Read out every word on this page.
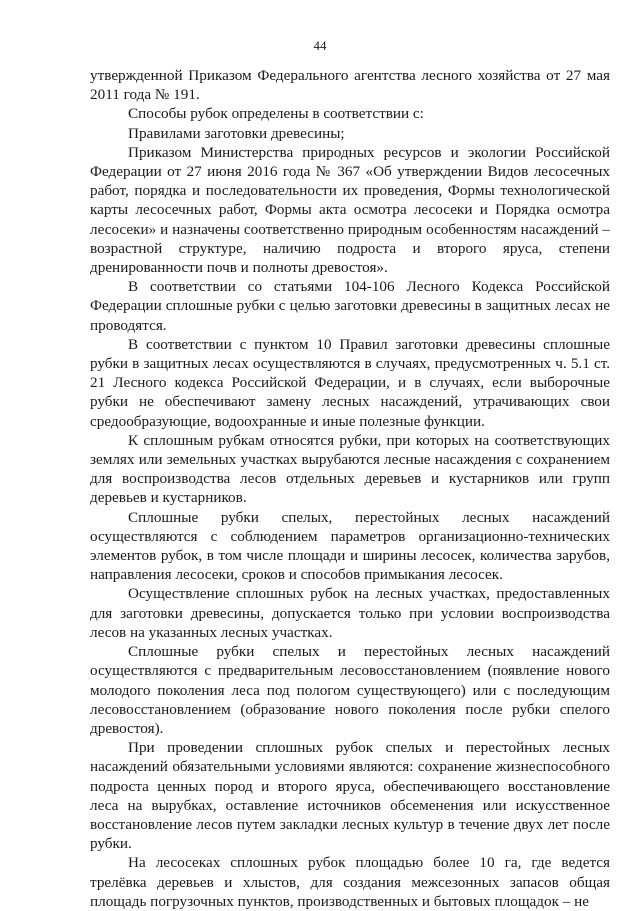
44

утвержденной Приказом Федерального агентства лесного хозяйства от 27 мая 2011 года № 191.

Способы рубок определены в соответствии с:

Правилами заготовки древесины;

Приказом Министерства природных ресурсов и экологии Российской Федерации от 27 июня 2016 года № 367 «Об утверждении Видов лесосечных работ, порядка и последовательности их проведения, Формы технологической карты лесосечных работ, Формы акта осмотра лесосеки и Порядка осмотра лесосеки» и назначены соответственно природным особенностям насаждений – возрастной структуре, наличию подроста и второго яруса, степени дренированности почв и полноты древостоя».

В соответствии со статьями 104-106 Лесного Кодекса Российской Федерации сплошные рубки с целью заготовки древесины в защитных лесах не проводятся.

В соответствии с пунктом 10 Правил заготовки древесины сплошные рубки в защитных лесах осуществляются в случаях, предусмотренных ч. 5.1 ст. 21 Лесного кодекса Российской Федерации, и в случаях, если выборочные рубки не обеспечивают замену лесных насаждений, утрачивающих свои средообразующие, водоохранные и иные полезные функции.

К сплошным рубкам относятся рубки, при которых на соответствующих землях или земельных участках вырубаются лесные насаждения с сохранением для воспроизводства лесов отдельных деревьев и кустарников или групп деревьев и кустарников.

Сплошные рубки спелых, перестойных лесных насаждений осуществляются с соблюдением параметров организационно-технических элементов рубок, в том числе площади и ширины лесосек, количества зарубов, направления лесосеки, сроков и способов примыкания лесосек.

Осуществление сплошных рубок на лесных участках, предоставленных для заготовки древесины, допускается только при условии воспроизводства лесов на указанных лесных участках.

Сплошные рубки спелых и перестойных лесных насаждений осуществляются с предварительным лесовосстановлением (появление нового молодого поколения леса под пологом существующего) или с последующим лесовосстановлением (образование нового поколения после рубки спелого древостоя).

При проведении сплошных рубок спелых и перестойных лесных насаждений обязательными условиями являются: сохранение жизнеспособного подроста ценных пород и второго яруса, обеспечивающего восстановление леса на вырубках, оставление источников обсеменения или искусственное восстановление лесов путем закладки лесных культур в течение двух лет после рубки.

На лесосеках сплошных рубок площадью более 10 га, где ведется трелёвка деревьев и хлыстов, для создания межсезонных запасов общая площадь погрузочных пунктов, производственных и бытовых площадок – не
